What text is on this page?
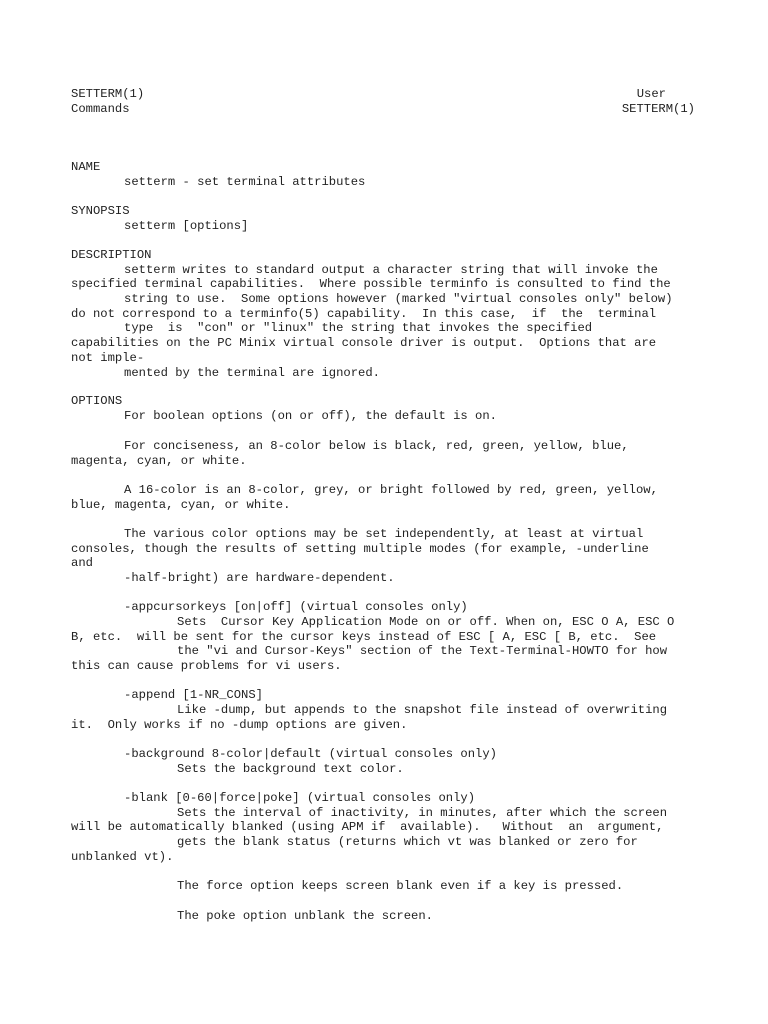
SETTERM(1)	User
Commands	SETTERM(1)
NAME
setterm - set terminal attributes
SYNOPSIS
setterm [options]
DESCRIPTION
setterm writes to standard output a character string that will invoke the
specified terminal capabilities.  Where possible terminfo is consulted to find the
string to use.  Some options however (marked "virtual consoles only" below)
do not correspond to a terminfo(5) capability.  In this case,  if  the  terminal
type  is  "con" or "linux" the string that invokes the specified
capabilities on the PC Minix virtual console driver is output.  Options that are
not imple-
mented by the terminal are ignored.
OPTIONS
For boolean options (on or off), the default is on.
For conciseness, an 8-color below is black, red, green, yellow, blue,
magenta, cyan, or white.
A 16-color is an 8-color, grey, or bright followed by red, green, yellow,
blue, magenta, cyan, or white.
The various color options may be set independently, at least at virtual
consoles, though the results of setting multiple modes (for example, -underline
and
-half-bright) are hardware-dependent.
-appcursorkeys [on|off] (virtual consoles only)
Sets  Cursor Key Application Mode on or off. When on, ESC O A, ESC O
B, etc.  will be sent for the cursor keys instead of ESC [ A, ESC [ B, etc.  See
the "vi and Cursor-Keys" section of the Text-Terminal-HOWTO for how
this can cause problems for vi users.
-append [1-NR_CONS]
Like -dump, but appends to the snapshot file instead of overwriting
it.  Only works if no -dump options are given.
-background 8-color|default (virtual consoles only)
Sets the background text color.
-blank [0-60|force|poke] (virtual consoles only)
Sets the interval of inactivity, in minutes, after which the screen
will be automatically blanked (using APM if  available).   Without  an  argument,
gets the blank status (returns which vt was blanked or zero for
unblanked vt).
The force option keeps screen blank even if a key is pressed.
The poke option unblank the screen.
